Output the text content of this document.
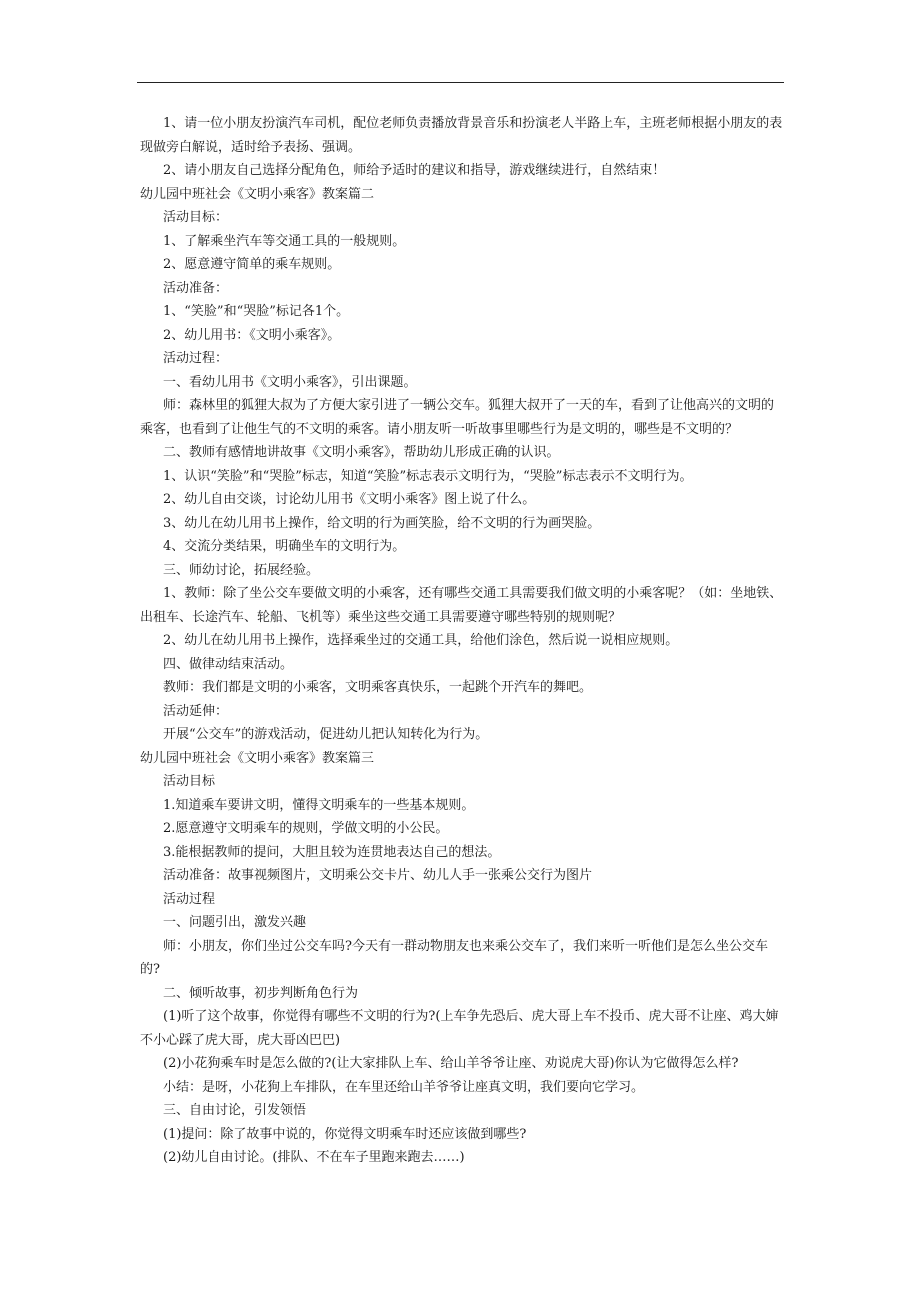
1、请一位小朋友扮演汽车司机，配位老师负责播放背景音乐和扮演老人半路上车，主班老师根据小朋友的表现做旁白解说，适时给予表扬、强调。

2、请小朋友自己选择分配角色，师给予适时的建议和指导，游戏继续进行，自然结束！

幼儿园中班社会《文明小乘客》教案篇二

活动目标：

1、了解乘坐汽车等交通工具的一般规则。

2、愿意遵守简单的乘车规则。

活动准备：

1、“笑脸”和“哭脸”标记各1个。

2、幼儿用书：《文明小乘客》。

活动过程：

一、看幼儿用书《文明小乘客》，引出课题。

师：森林里的狐狸大叔为了方便大家引进了一辆公交车。狐狸大叔开了一天的车，看到了让他高兴的文明的乘客，也看到了让他生气的不文明的乘客。请小朋友听一听故事里哪些行为是文明的，哪些是不文明的？

二、教师有感情地讲故事《文明小乘客》，帮助幼儿形成正确的认识。

1、认识“笑脸”和“哭脸”标志，知道“笑脸”标志表示文明行为，“哭脸”标志表示不文明行为。

2、幼儿自由交谈，讨论幼儿用书《文明小乘客》图上说了什么。

3、幼儿在幼儿用书上操作，给文明的行为画笑脸，给不文明的行为画哭脸。

4、交流分类结果，明确坐车的文明行为。

三、师幼讨论，拓展经验。

1、教师：除了坐公交车要做文明的小乘客，还有哪些交通工具需要我们做文明的小乘客呢？（如：坐地铁、出租车、长途汽车、轮船、飞机等）乘坐这些交通工具需要遵守哪些特别的规则呢？

2、幼儿在幼儿用书上操作，选择乘坐过的交通工具，给他们涂色，然后说一说相应规则。

四、做律动结束活动。

教师：我们都是文明的小乘客，文明乘客真快乐，一起跳个开汽车的舞吧。

活动延伸：

开展“公交车”的游戏活动，促进幼儿把认知转化为行为。

幼儿园中班社会《文明小乘客》教案篇三

活动目标

1.知道乘车要讲文明，懂得文明乘车的一些基本规则。

2.愿意遵守文明乘车的规则，学做文明的小公民。

3.能根据教师的提问，大胆且较为连贯地表达自己的想法。

活动准备：故事视频图片，文明乘公交卡片、幼儿人手一张乘公交行为图片

活动过程

一、问题引出，激发兴趣

师：小朋友，你们坐过公交车吗?今天有一群动物朋友也来乘公交车了，我们来听一听他们是怎么坐公交车的?

二、倾听故事，初步判断角色行为

(1)听了这个故事，你觉得有哪些不文明的行为?(上车争先恐后、虎大哥上车不投币、虎大哥不让座、鸡大婶不小心踩了虎大哥，虎大哥凶巴巴)

(2)小花狗乘车时是怎么做的?(让大家排队上车、给山羊爷爷让座、劝说虎大哥)你认为它做得怎么样?

小结：是呀，小花狗上车排队，在车里还给山羊爷爷让座真文明，我们要向它学习。

三、自由讨论，引发领悟

(1)提问：除了故事中说的，你觉得文明乘车时还应该做到哪些?

(2)幼儿自由讨论。(排队、不在车子里跑来跑去……)
